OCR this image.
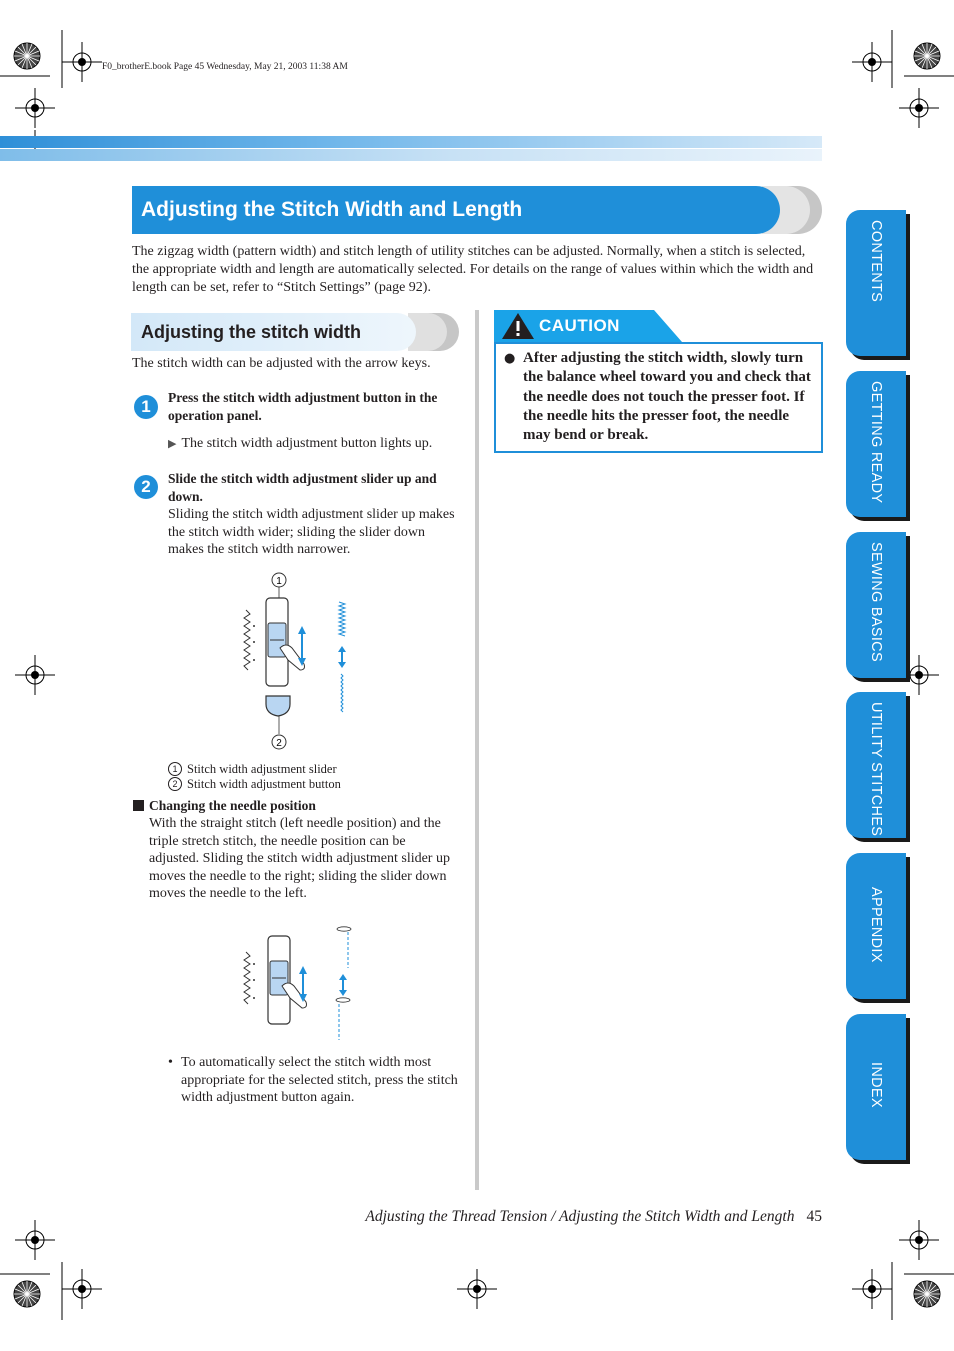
F0_brotherE.book Page 45 Wednesday, May 21, 2003 11:38 AM
Adjusting the Stitch Width and Length
The zigzag width (pattern width) and stitch length of utility stitches can be adjusted. Normally, when a stitch is selected, the appropriate width and length are automatically selected. For details on the range of values within which the width and length can be set, refer to “Stitch Settings” (page 92).
Adjusting the stitch width
The stitch width can be adjusted with the arrow keys.
1	Press the stitch width adjustment button in the operation panel.
▶ The stitch width adjustment button lights up.
2	Slide the stitch width adjustment slider up and down.
Sliding the stitch width adjustment slider up makes the stitch width wider; sliding the slider down makes the stitch width narrower.
1
2
1 Stitch width adjustment slider
2 Stitch width adjustment button
Changing the needle position
With the straight stitch (left needle position) and the triple stretch stitch, the needle position can be adjusted. Sliding the stitch width adjustment slider up moves the needle to the right; sliding the slider down moves the needle to the left.
• To automatically select the stitch width most appropriate for the selected stitch, press the stitch width adjustment button again.
CAUTION
● After adjusting the stitch width, slowly turn the balance wheel toward you and check that the needle does not touch the presser foot. If the needle hits the presser foot, the needle may bend or break.
CONTENTS
GETTING READY
SEWING BASICS
UTILITY STITCHES
APPENDIX
INDEX
Adjusting the Thread Tension / Adjusting the Stitch Width and Length 45
